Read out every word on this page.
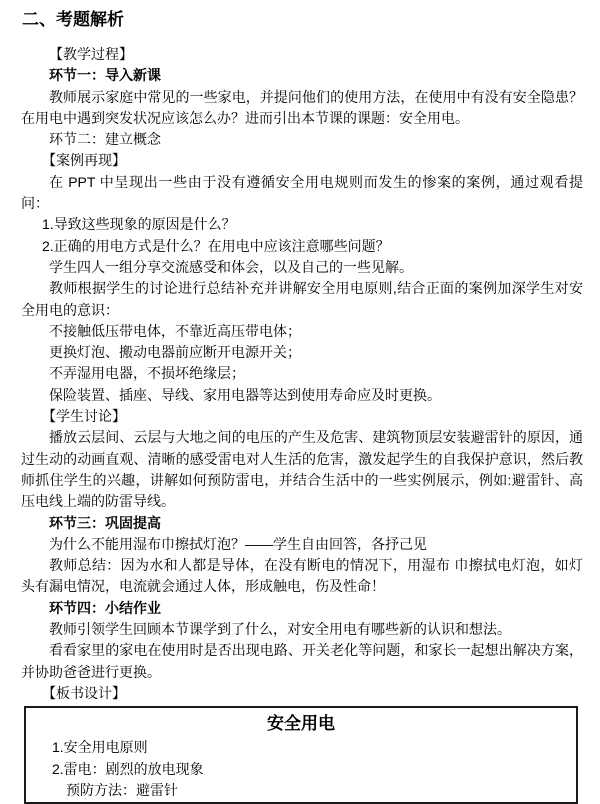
二、考题解析

【教学过程】

环节一：导入新课

教师展示家庭中常见的一些家电，并提问他们的使用方法，在使用中有没有安全隐患？在用电中遇到突发状况应该怎么办？进而引出本节课的课题：安全用电。

环节二：建立概念

【案例再现】

在 PPT 中呈现出一些由于没有遵循安全用电规则而发生的惨案的案例，通过观看提问：

1.导致这些现象的原因是什么？

2.正确的用电方式是什么？在用电中应该注意哪些问题？

学生四人一组分享交流感受和体会，以及自己的一些见解。

教师根据学生的讨论进行总结补充并讲解安全用电原则,结合正面的案例加深学生对安全用电的意识：

不接触低压带电体，不靠近高压带电体；

更换灯泡、搬动电器前应断开电源开关；

不弄湿用电器，不损坏绝缘层；

保险装置、插座、导线、家用电器等达到使用寿命应及时更换。

【学生讨论】

播放云层间、云层与大地之间的电压的产生及危害、建筑物顶层安装避雷针的原因，通过生动的动画直观、清晰的感受雷电对人生活的危害，激发起学生的自我保护意识，然后教师抓住学生的兴趣，讲解如何预防雷电，并结合生活中的一些实例展示，例如:避雷针、高压电线上端的防雷导线。

环节三：巩固提高

为什么不能用湿布巾擦拭灯泡？——学生自由回答，各抒己见

教师总结：因为水和人都是导体，在没有断电的情况下，用湿布 巾擦拭电灯泡，如灯头有漏电情况，电流就会通过人体，形成触电，伤及性命！

环节四：小结作业

教师引领学生回顾本节课学到了什么，对安全用电有哪些新的认识和想法。

看看家里的家电在使用时是否出现电路、开关老化等问题，和家长一起想出解决方案，并协助爸爸进行更换。

【板书设计】

安全用电
1.安全用电原则
2.雷电：剧烈的放电现象
预防方法：避雷针
